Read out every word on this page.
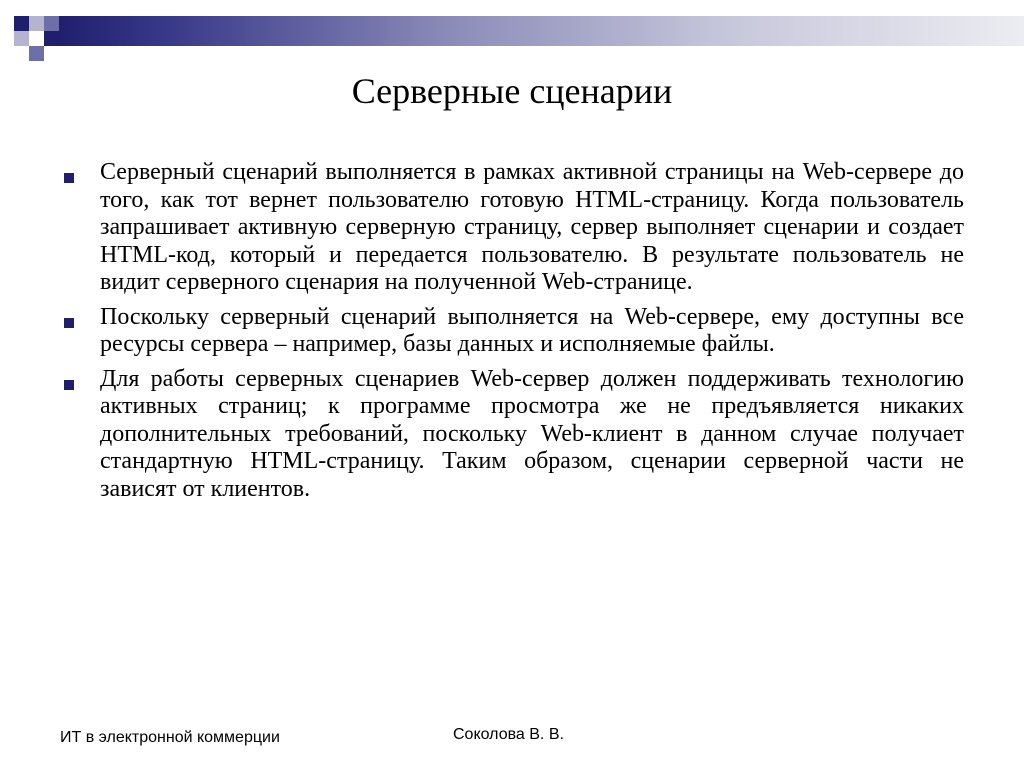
Серверные сценарии
Серверный сценарий выполняется в рамках активной страницы на Web-сервере до того, как тот вернет пользователю готовую HTML-страницу. Когда пользователь запрашивает активную серверную страницу, сервер выполняет сценарии и создает HTML-код, который и передается пользователю. В результате пользователь не видит серверного сценария на полученной Web-странице.
Поскольку серверный сценарий выполняется на Web-сервере, ему доступны все ресурсы сервера – например, базы данных и исполняемые файлы.
Для работы серверных сценариев Web-сервер должен поддерживать технологию активных страниц; к программе просмотра же не предъявляется никаких дополнительных требований, поскольку Web-клиент в данном случае получает стандартную HTML-страницу. Таким образом, сценарии серверной части не зависят от клиентов.
ИТ в электронной коммерции	Соколова В. В.
